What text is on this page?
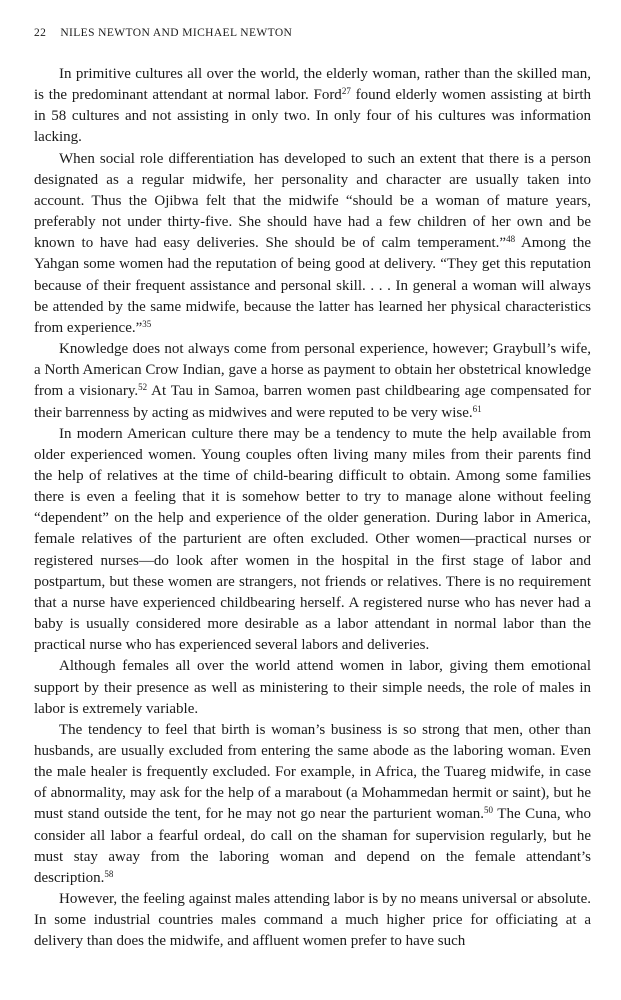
22 NILES NEWTON AND MICHAEL NEWTON

In primitive cultures all over the world, the elderly woman, rather than the skilled man, is the predominant attendant at normal labor. Ford$^{27}$ found elderly women assisting at birth in 58 cultures and not assisting in only two. In only four of his cultures was information lacking.

When social role differentiation has developed to such an extent that there is a person designated as a regular midwife, her personality and character are usually taken into account. Thus the Ojibwa felt that the midwife “should be a woman of mature years, preferably not under thirty-five. She should have had a few children of her own and be known to have had easy deliveries. She should be of calm temperament.”$^{48}$ Among the Yahgan some women had the reputation of being good at delivery. “They get this reputation because of their frequent assistance and personal skill. . . . In general a woman will always be attended by the same midwife, because the latter has learned her physical characteristics from experience.”$^{35}$

Knowledge does not always come from personal experience, however; Graybull’s wife, a North American Crow Indian, gave a horse as payment to obtain her obstetrical knowledge from a visionary.$^{52}$ At Tau in Samoa, barren women past childbearing age compensated for their barrenness by acting as midwives and were reputed to be very wise.$^{61}$

In modern American culture there may be a tendency to mute the help available from older experienced women. Young couples often living many miles from their parents find the help of relatives at the time of child-bearing difficult to obtain. Among some families there is even a feeling that it is somehow better to try to manage alone without feeling “dependent” on the help and experience of the older generation. During labor in America, female relatives of the parturient are often excluded. Other women—practical nurses or registered nurses—do look after women in the hospital in the first stage of labor and postpartum, but these women are strangers, not friends or relatives. There is no requirement that a nurse have experienced childbearing herself. A registered nurse who has never had a baby is usually considered more desirable as a labor attendant in normal labor than the practical nurse who has experienced several labors and deliveries.

Although females all over the world attend women in labor, giving them emotional support by their presence as well as ministering to their simple needs, the role of males in labor is extremely variable.

The tendency to feel that birth is woman’s business is so strong that men, other than husbands, are usually excluded from entering the same abode as the laboring woman. Even the male healer is frequently excluded. For example, in Africa, the Tuareg midwife, in case of abnormality, may ask for the help of a marabout (a Mohammedan hermit or saint), but he must stand outside the tent, for he may not go near the parturient woman.$^{50}$ The Cuna, who consider all labor a fearful ordeal, do call on the shaman for supervision regularly, but he must stay away from the laboring woman and depend on the female attendant’s description.$^{58}$

However, the feeling against males attending labor is by no means universal or absolute. In some industrial countries males command a much higher price for officiating at a delivery than does the midwife, and affluent women prefer to have such
